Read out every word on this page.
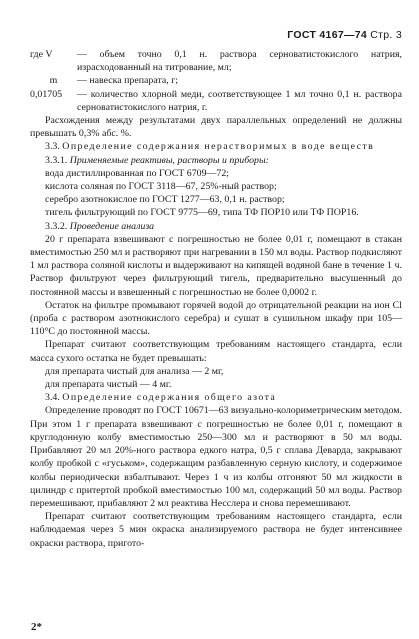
ГОСТ 4167—74 Стр. 3
где V	— объем точно 0,1 н. раствора сернoватистокислого натрия, израсходованный на титрование, мл;
m	— навеска препарата, г;
0,01705	— количество хлорной меди, соответствующее 1 мл точно 0,1 н. раствора сернoватистокислого натрия, г.
Расхождения между результатами двух параллельных определений не должны превышать 0,3% абс. %.
3.3. Определение содержания нерастворимых в воде веществ
3.3.1. Применяемые реактивы, растворы и приборы:
вода дистиллированная по ГОСТ 6709—72;
кислота соляная по ГОСТ 3118—67, 25%-ный раствор;
серебро азотнокислое по ГОСТ 1277—63, 0,1 н. раствор;
тигель фильтрующий по ГОСТ 9775—69, типа ТФ ПОР10 или ТФ ПОР16.
3.3.2. Проведение анализа
20 г препарата взвешивают с погрешностью не более 0,01 г, помещают в стакан вместимостью 250 мл и растворяют при нагревании в 150 мл воды. Раствор подкисляют 1 мл раствора соляной кислоты и выдерживают на кипящей водяной бане в течение 1 ч. Раствор фильтруют через фильтрующий тигель, предварительно высушенный до постоянной массы и взвешенный с погрешностью не более 0,0002 г.
Остаток на фильтре промывают горячей водой до отрицательной реакции на ион Cl (проба с раствором азотнокислого серебра) и сушат в сушильном шкафу при 105—110°С до постоянной массы.
Препарат считают соответствующим требованиям настоящего стандарта, если масса сухого остатка не будет превышать:
для препарата чистый для анализа — 2 мг,
для препарата чистый — 4 мг.
3.4. Определение содержания общего азота
Определение проводят по ГОСТ 10671—63 визуально-колориметрическим методом. При этом 1 г препарата взвешивают с погрешностью не более 0,01 г, помещают в круглодонную колбу вместимостью 250—300 мл и растворяют в 50 мл воды. Прибавляют 20 мл 20%-ного раствора едкого натра, 0,5 г сплава Деварда, закрывают колбу пробкой с «гуськом», содержащим разбавленную серную кислоту, и содержимое колбы периодически взбалтывают. Через 1 ч из колбы отгоняют 50 мл жидкости в цилиндр с притертой пробкой вместимостью 100 мл, содержащий 50 мл воды. Раствор перемешивают, прибавляют 2 мл реактива Несслера и снова перемешивают.
Препарат считают соответствующим требованиям настоящего стандарта, если наблюдаемая через 5 мин окраска анализируемого раствора не будет интенсивнее окраски раствора, пригото-
2*
